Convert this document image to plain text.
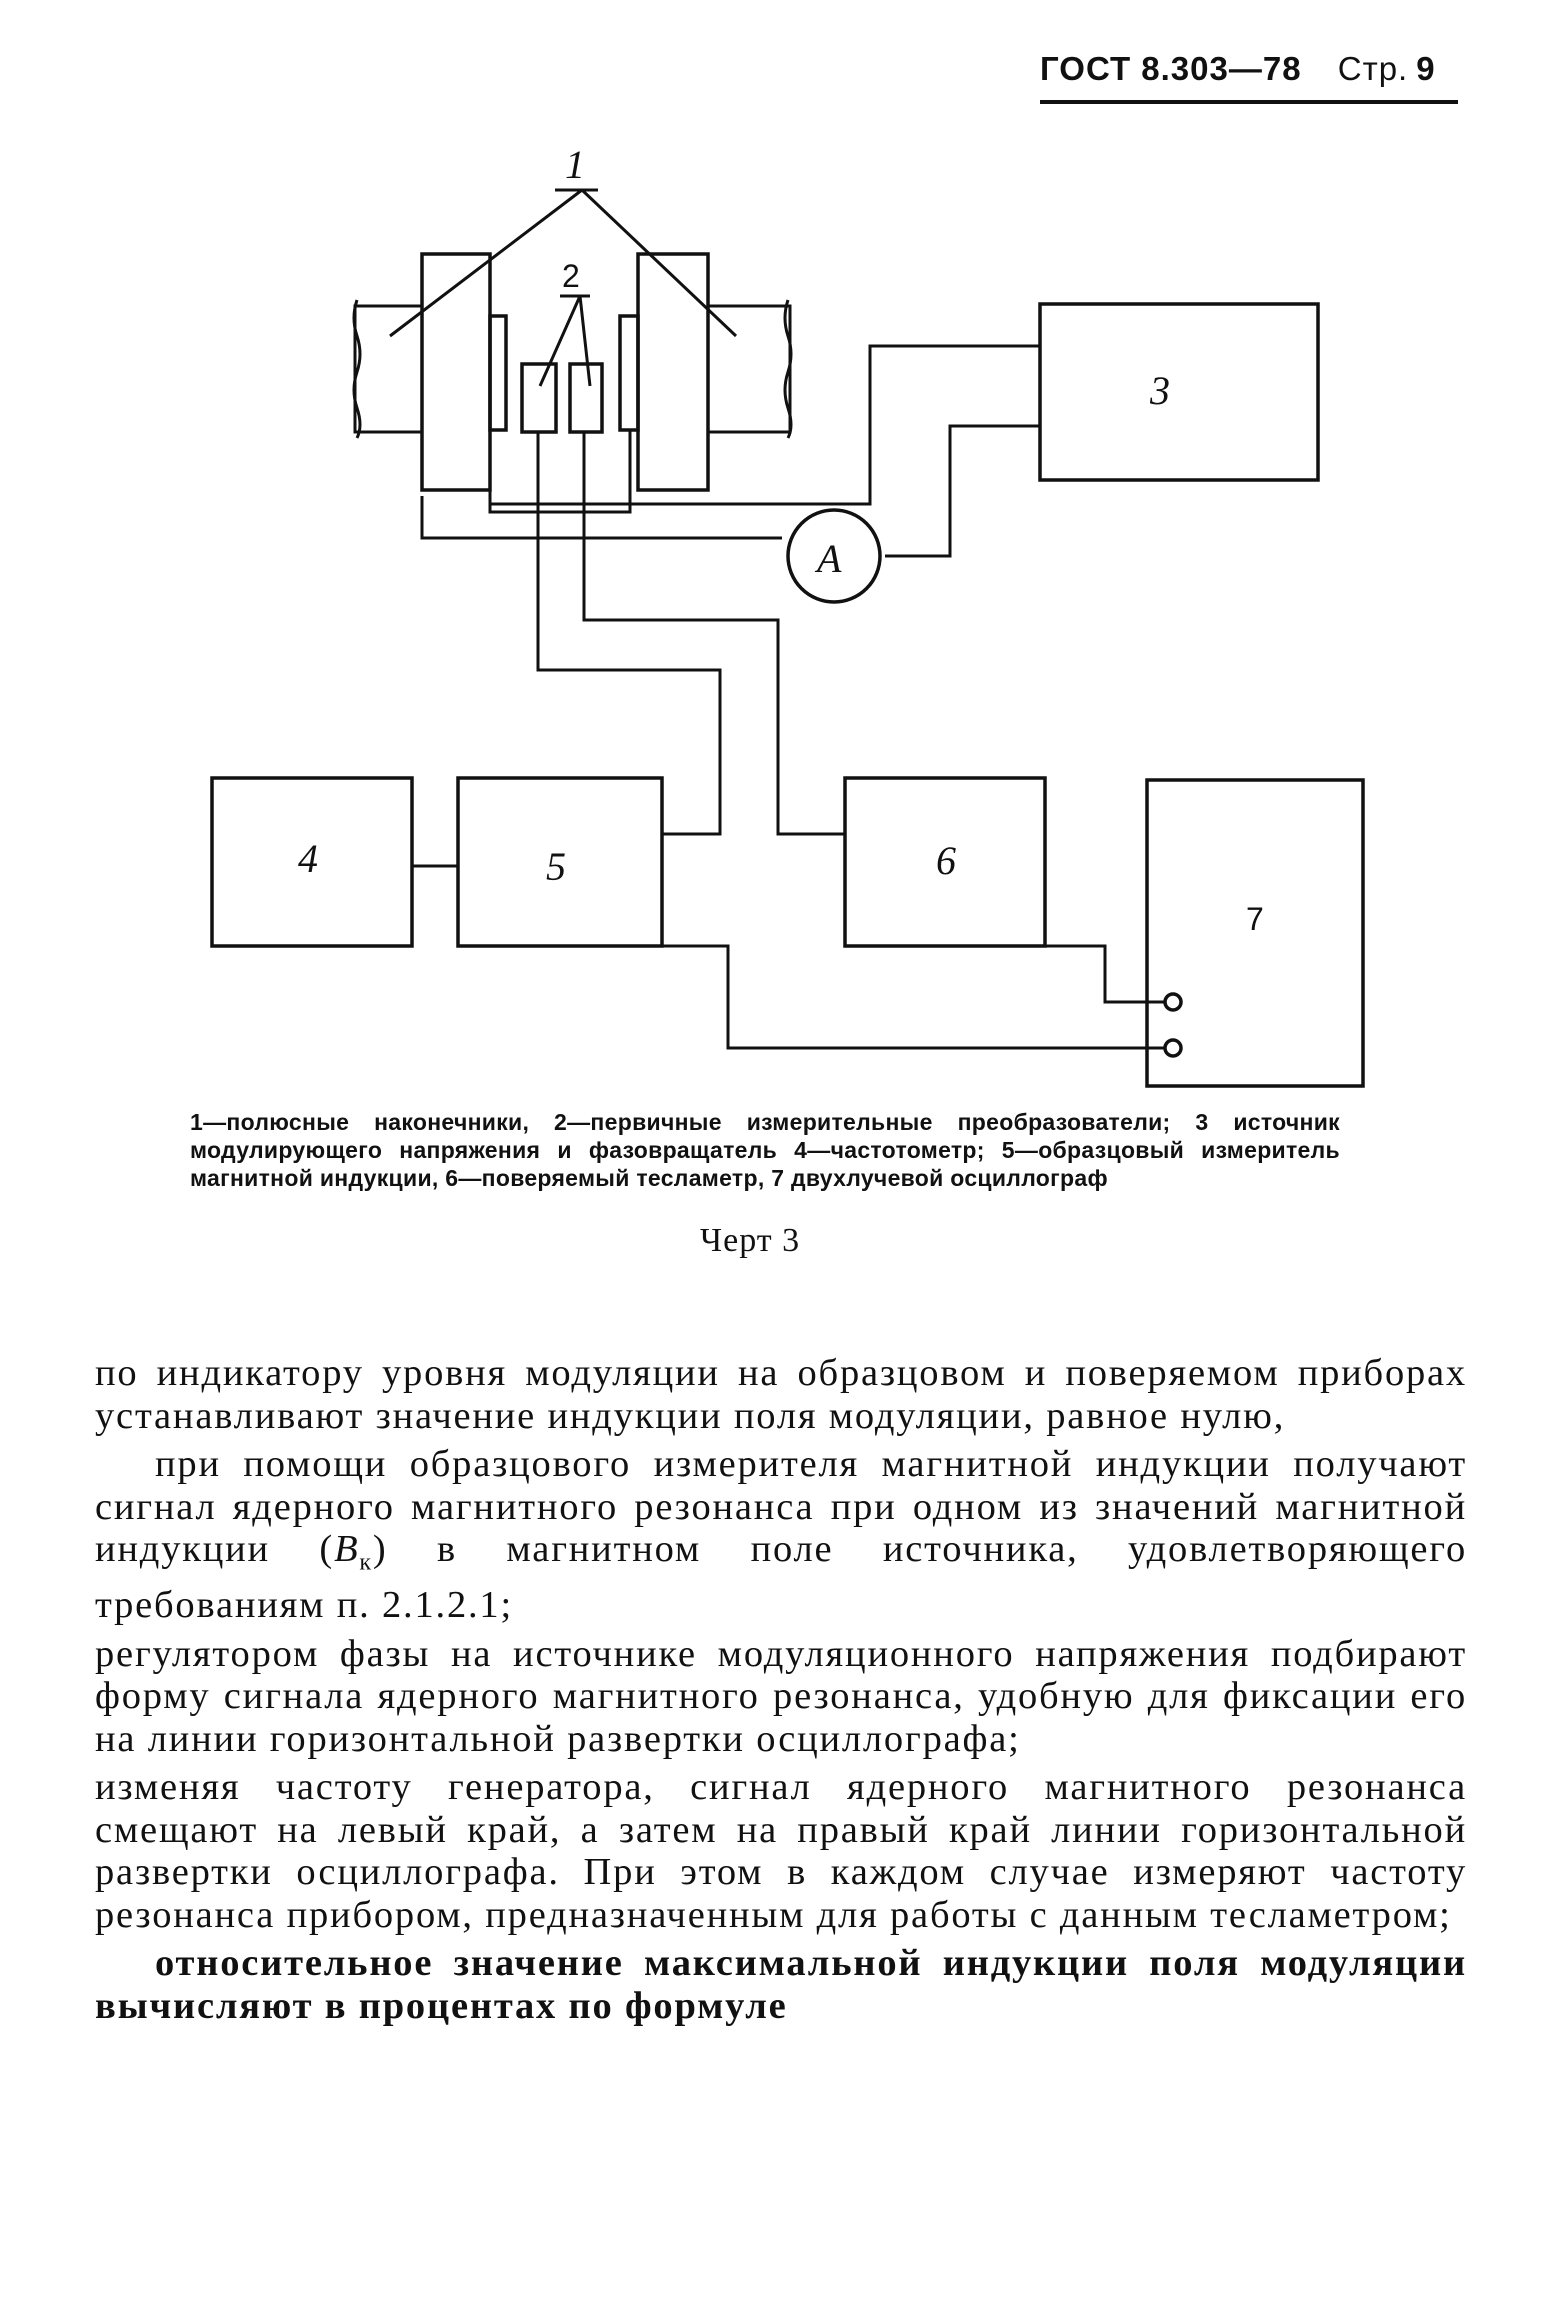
ГОСТ 8.303—78 Стр. 9
1
2
A
3
4	5	6
7
1—полюсные наконечники, 2—первичные измерительные преобразователи; 3 источник модулирующего напряжения и фазовращатель 4—частотометр; 5—образцовый измеритель магнитной индукции, 6—поверяемый тесламетр, 7 двухлучевой осциллограф
Черт 3

по индикатору уровня модуляции на образцовом и поверяемом приборах устанавливают значение индукции поля модуляции, равное нулю,

при помощи образцового измерителя магнитной индукции получают сигнал ядерного магнитного резонанса при одном из значений магнитной индукции $(B_к)$ в магнитном поле источника, удовлетворяющего требованиям п. 2.1.2.1;

регулятором фазы на источнике модуляционного напряжения подбирают форму сигнала ядерного магнитного резонанса, удобную для фиксации его на линии горизонтальной развертки осциллографа;

изменяя частоту генератора, сигнал ядерного магнитного резонанса смещают на левый край, а затем на правый край линии горизонтальной развертки осциллографа. При этом в каждом случае измеряют частоту резонанса прибором, предназначенным для работы с данным тесламетром;

относительное значение максимальной индукции поля модуляции вычисляют в процентах по формуле
